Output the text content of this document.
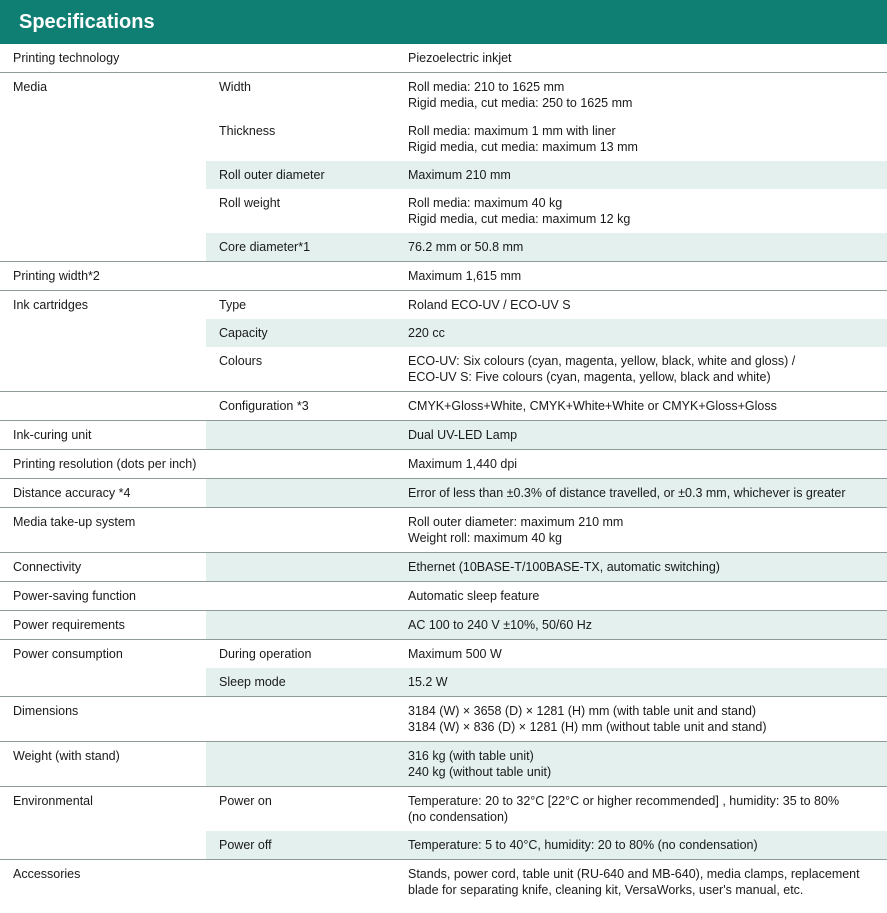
Specifications
Printing technology		Piezoelectric inkjet

Media	Width	Roll media: 210 to 1625 mm
Rigid media, cut media: 250 to 1625 mm

	Thickness	Roll media: maximum 1 mm with liner
Rigid media, cut media: maximum 13 mm

	Roll outer diameter	Maximum 210 mm

	Roll weight	Roll media: maximum 40 kg
Rigid media, cut media: maximum 12 kg

	Core diameter*1	76.2 mm or 50.8 mm

Printing width*2		Maximum 1,615 mm

Ink cartridges	Type	Roland ECO-UV / ECO-UV S

	Capacity	220 cc

	Colours	ECO-UV: Six colours (cyan, magenta, yellow, black, white and gloss) /
ECO-UV S: Five colours (cyan, magenta, yellow, black and white)

	Configuration *3	CMYK+Gloss+White, CMYK+White+White or CMYK+Gloss+Gloss

Ink-curing unit		Dual UV-LED Lamp

Printing resolution (dots per inch)		Maximum 1,440 dpi

Distance accuracy *4		Error of less than ±0.3% of distance travelled, or ±0.3 mm, whichever is greater

Media take-up system		Roll outer diameter: maximum 210 mm
Weight roll: maximum 40 kg

Connectivity		Ethernet (10BASE-T/100BASE-TX, automatic switching)

Power-saving function		Automatic sleep feature

Power requirements		AC 100 to 240 V ±10%, 50/60 Hz

Power consumption	During operation	Maximum 500 W

	Sleep mode	15.2 W

Dimensions		3184 (W) × 3658 (D) × 1281 (H) mm (with table unit and stand)
3184 (W) × 836 (D) × 1281 (H) mm (without table unit and stand)

Weight (with stand)		316 kg (with table unit)
240 kg (without table unit)

Environmental	Power on	Temperature: 20 to 32°C [22°C or higher recommended] , humidity: 35 to 80%
(no condensation)

	Power off	Temperature: 5 to 40°C, humidity: 20 to 80% (no condensation)

Accessories		Stands, power cord, table unit (RU-640 and MB-640), media clamps, replacement
blade for separating knife, cleaning kit, VersaWorks, user's manual, etc.
